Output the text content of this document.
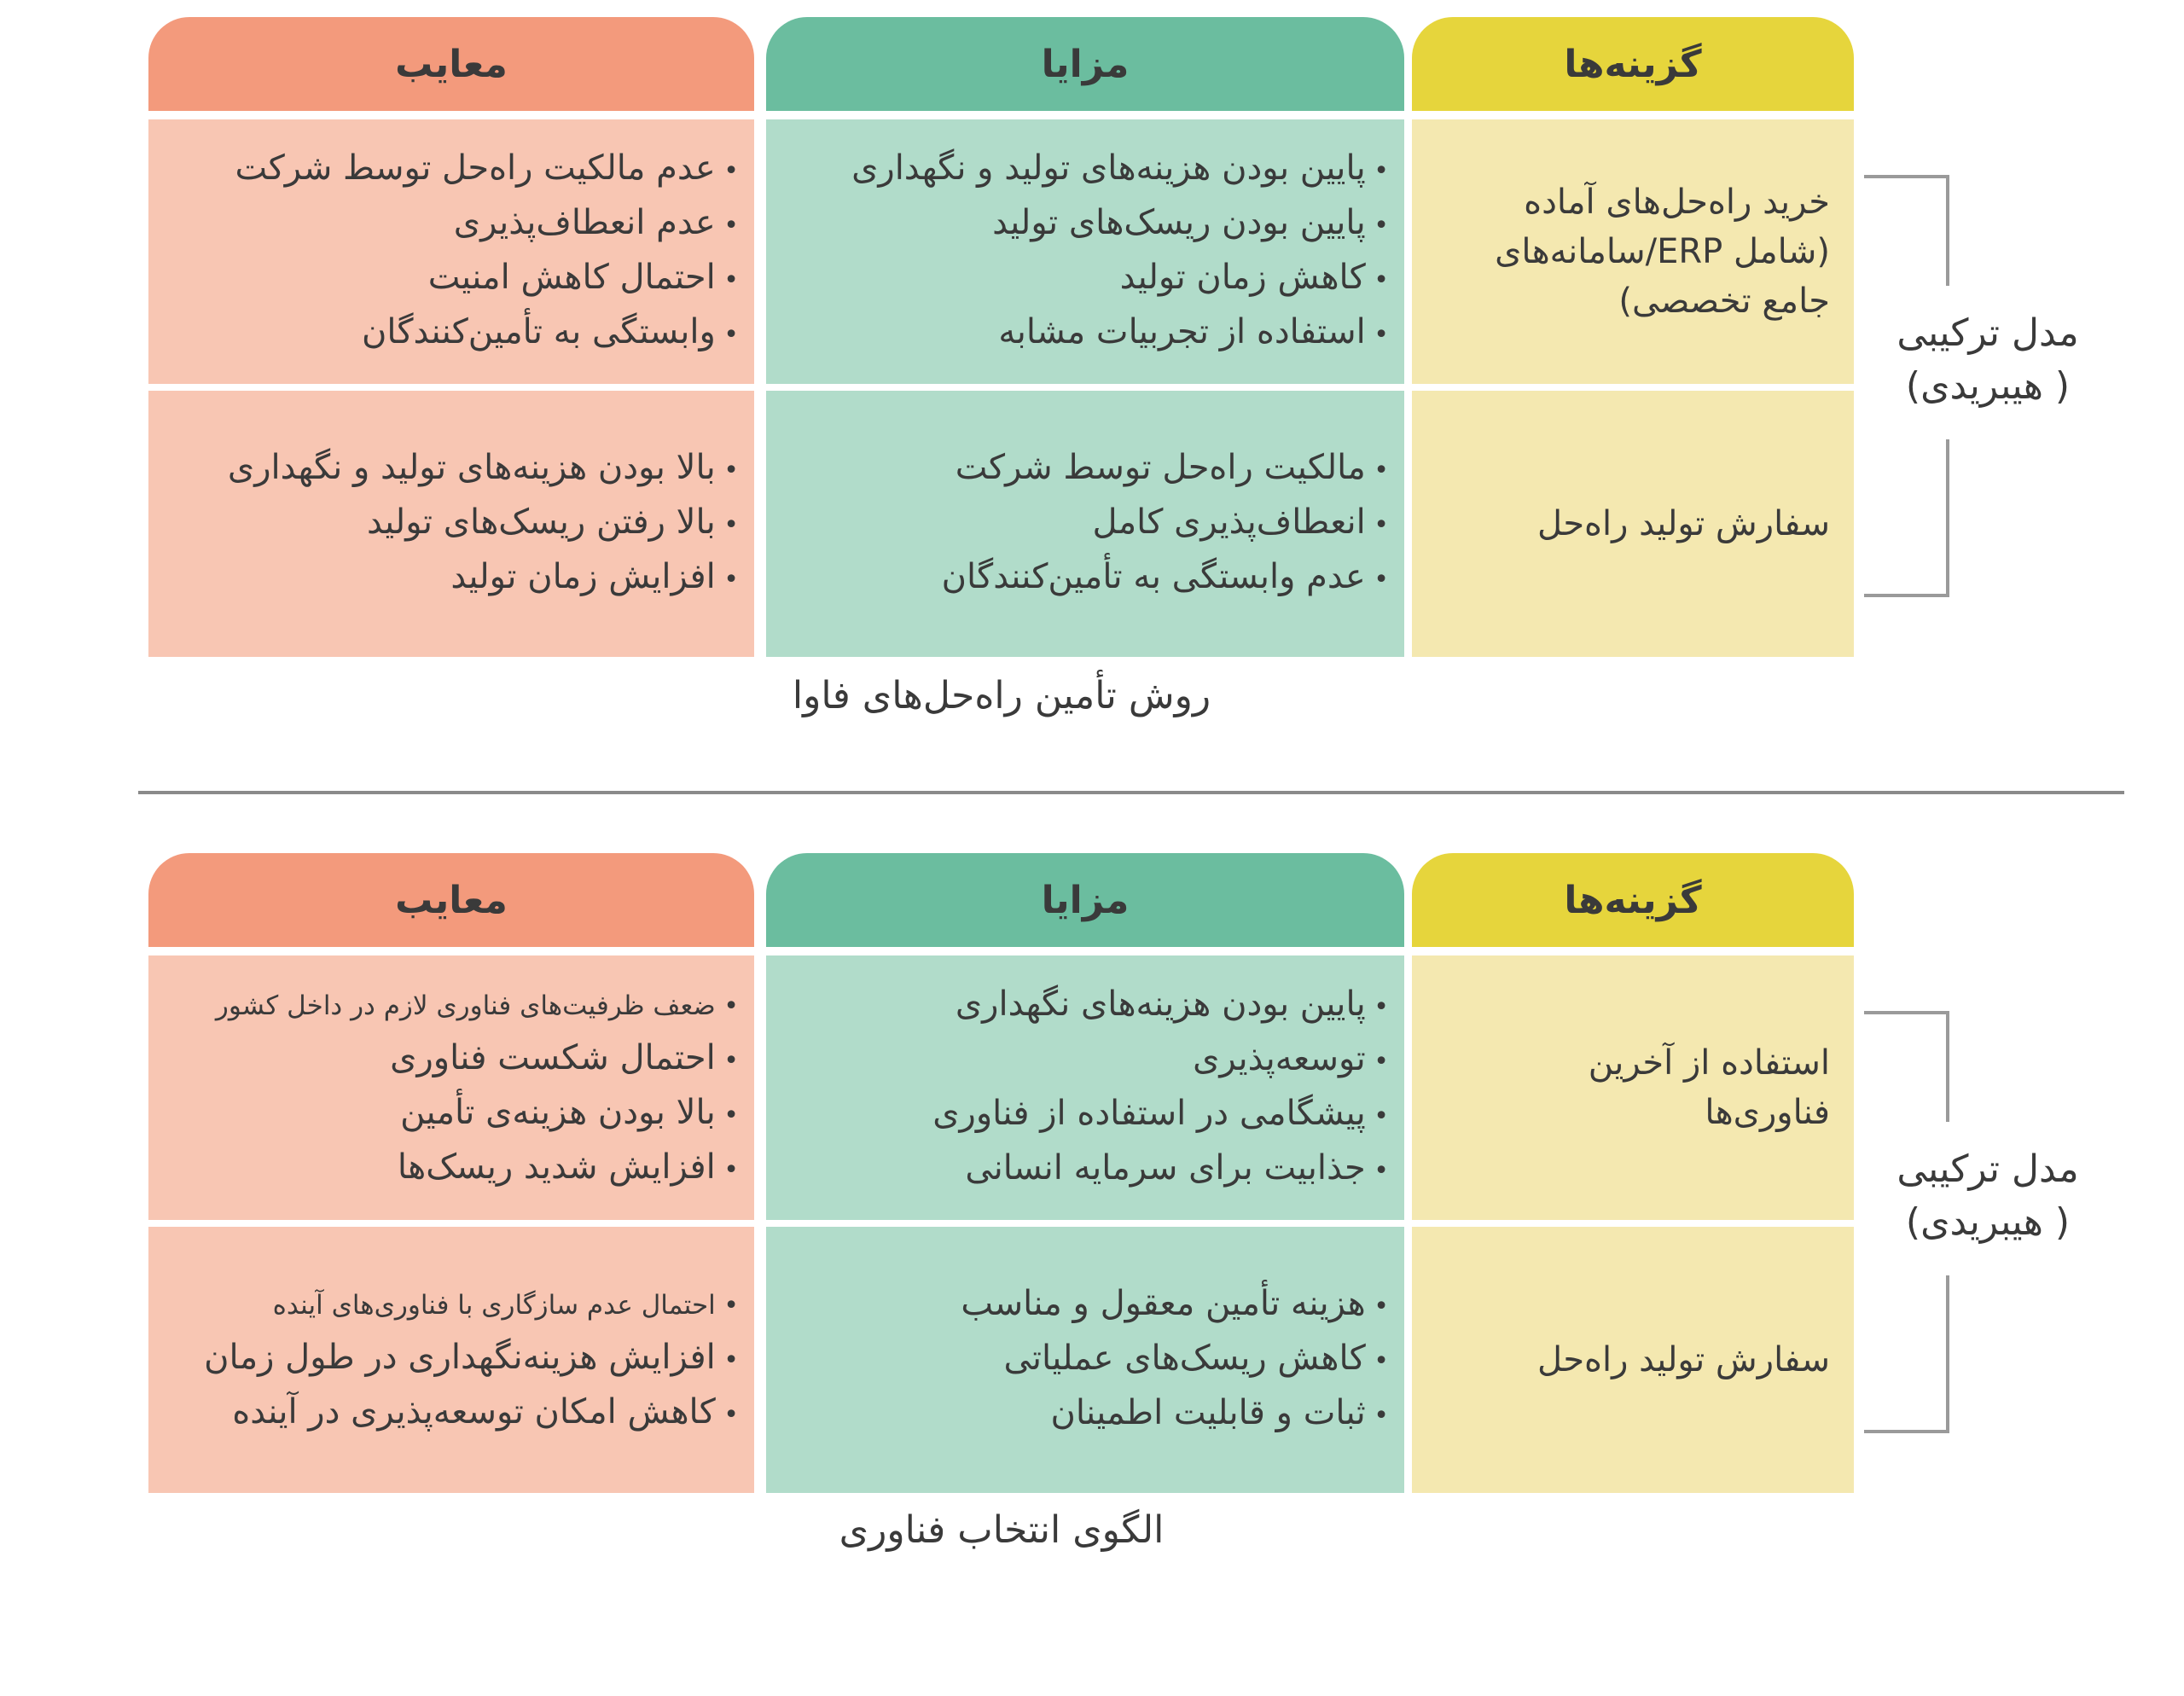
گزینه‌ها
مزایا
معایب
خرید راه‌حل‌های آماده
(شامل ERP/سامانه‌های
جامع تخصصی)
• پایین بودن هزینه‌های تولید و نگهداری
• پایین بودن ریسک‌های تولید
• کاهش زمان تولید
• استفاده از تجربیات مشابه
• عدم مالکیت راه‌حل توسط شرکت
• عدم انعطاف‌پذیری
• احتمال کاهش امنیت
• وابستگی به تأمین‌کنندگان
سفارش تولید راه‌حل
• مالکیت راه‌حل توسط شرکت
• انعطاف‌پذیری کامل
• عدم وابستگی به تأمین‌کنندگان
• بالا بودن هزینه‌های تولید و نگهداری
• بالا رفتن ریسک‌های تولید
• افزایش زمان تولید
مدل ترکیبی
( هیبریدی)
روش تأمین راه‌حل‌های فاوا
گزینه‌ها
مزایا
معایب
استفاده از آخرین
فناوری‌ها
• پایین بودن هزینه‌های نگهداری
• توسعه‌پذیری
• پیشگامی در استفاده از فناوری
• جذابیت برای سرمایه انسانی
• ضعف ظرفیت‌های فناوری لازم در داخل کشور
• احتمال شکست فناوری
• بالا بودن هزینه‌ی تأمین
• افزایش شدید ریسک‌ها
سفارش تولید راه‌حل
• هزینه تأمین معقول و مناسب
• کاهش ریسک‌های عملیاتی
• ثبات و قابلیت اطمینان
• احتمال عدم سازگاری با فناوری‌های آینده
• افزایش هزینه‌نگهداری در طول زمان
• کاهش امکان توسعه‌پذیری در آینده
مدل ترکیبی
( هیبریدی)
الگوی انتخاب فناوری
